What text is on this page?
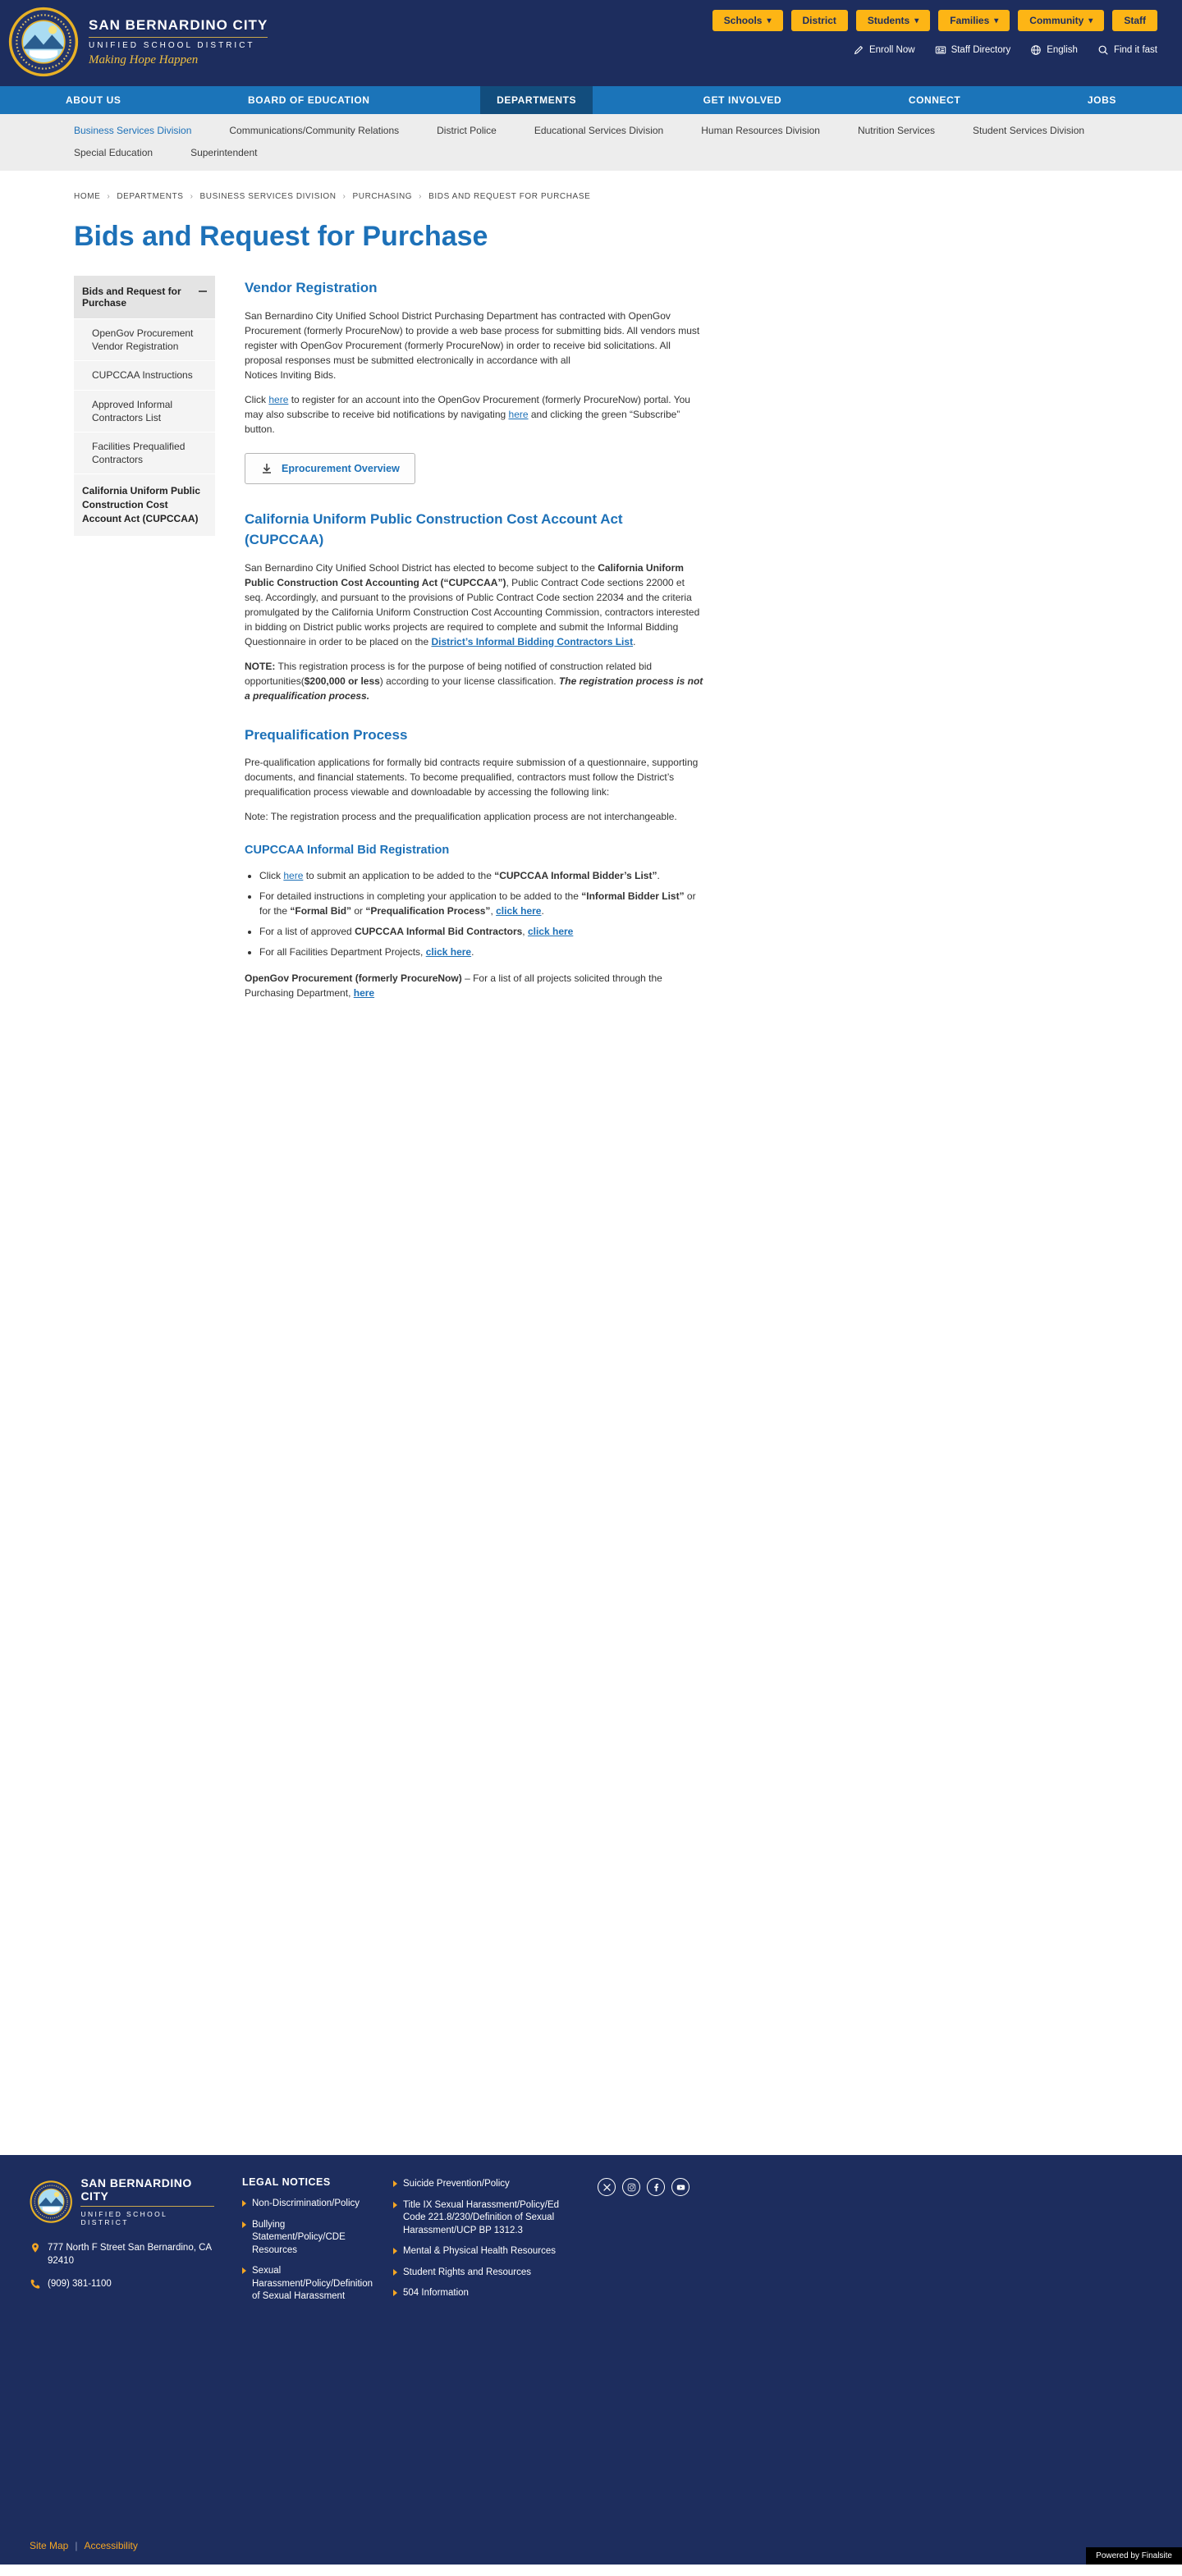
SAN BERNARDINO CITY
UNIFIED SCHOOL DISTRICT
Making Hope Happen
Schools ▾	District	Students ▾	Families ▾	Community ▾	Staff
Enroll Now	Staff Directory	English	Find it fast
ABOUT US	BOARD OF EDUCATION	DEPARTMENTS	GET INVOLVED	CONNECT	JOBS
Business Services Division	Communications/Community Relations	District Police	Educational Services Division	Human Resources Division	Nutrition Services	Student Services Division
Special Education	Superintendent
HOME › DEPARTMENTS › BUSINESS SERVICES DIVISION › PURCHASING › BIDS AND REQUEST FOR PURCHASE
Bids and Request for Purchase
Bids and Request for Purchase
OpenGov Procurement Vendor Registration
CUPCCAA Instructions
Approved Informal Contractors List
Facilities Prequalified Contractors
California Uniform Public Construction Cost Account Act (CUPCCAA)
Vendor Registration

San Bernardino City Unified School District Purchasing Department has contracted with OpenGov Procurement (formerly ProcureNow) to provide a web base process for submitting bids. All vendors must register with OpenGov Procurement (formerly ProcureNow) in order to receive bid solicitations. All proposal responses must be submitted electronically in accordance with all
Notices Inviting Bids.

Click here to register for an account into the OpenGov Procurement (formerly ProcureNow) portal. You may also subscribe to receive bid notifications by navigating here and clicking the green “Subscribe” button.

Eprocurement Overview
California Uniform Public Construction Cost Account Act (CUPCCAA)

San Bernardino City Unified School District has elected to become subject to the California Uniform Public Construction Cost Accounting Act (“CUPCCAA”), Public Contract Code sections 22000 et seq. Accordingly, and pursuant to the provisions of Public Contract Code section 22034 and the criteria promulgated by the California Uniform Construction Cost Accounting Commission, contractors interested in bidding on District public works projects are required to complete and submit the Informal Bidding Questionnaire in order to be placed on the District’s Informal Bidding Contractors List.

NOTE: This registration process is for the purpose of being notified of construction related bid opportunities($200,000 or less) according to your license classification. The registration process is not a prequalification process.

Prequalification Process

Pre-qualification applications for formally bid contracts require submission of a questionnaire, supporting documents, and financial statements. To become prequalified, contractors must follow the District’s prequalification process viewable and downloadable by accessing the following link:

Note: The registration process and the prequalification application process are not interchangeable.

CUPCCAA Informal Bid Registration
• Click here to submit an application to be added to the “CUPCCAA Informal Bidder’s List”.
• For detailed instructions in completing your application to be added to the “Informal Bidder List” or for the “Formal Bid” or “Prequalification Process”, click here.
• For a list of approved CUPCCAA Informal Bid Contractors, click here
• For all Facilities Department Projects, click here.

OpenGov Procurement (formerly ProcureNow) – For a list of all projects solicited through the Purchasing Department, here

SAN BERNARDINO CITY
UNIFIED SCHOOL DISTRICT
777 North F Street San Bernardino, CA 92410
(909) 381-1100
LEGAL NOTICES
Non-Discrimination/Policy
Bullying Statement/Policy/CDE Resources
Sexual Harassment/Policy/Definition of Sexual Harassment
Suicide Prevention/Policy
Title IX Sexual Harassment/Policy/Ed Code 221.8/230/Definition of Sexual Harassment/UCP BP 1312.3
Mental & Physical Health Resources
Student Rights and Resources
504 Information
Site Map | Accessibility
Powered by Finalsite
